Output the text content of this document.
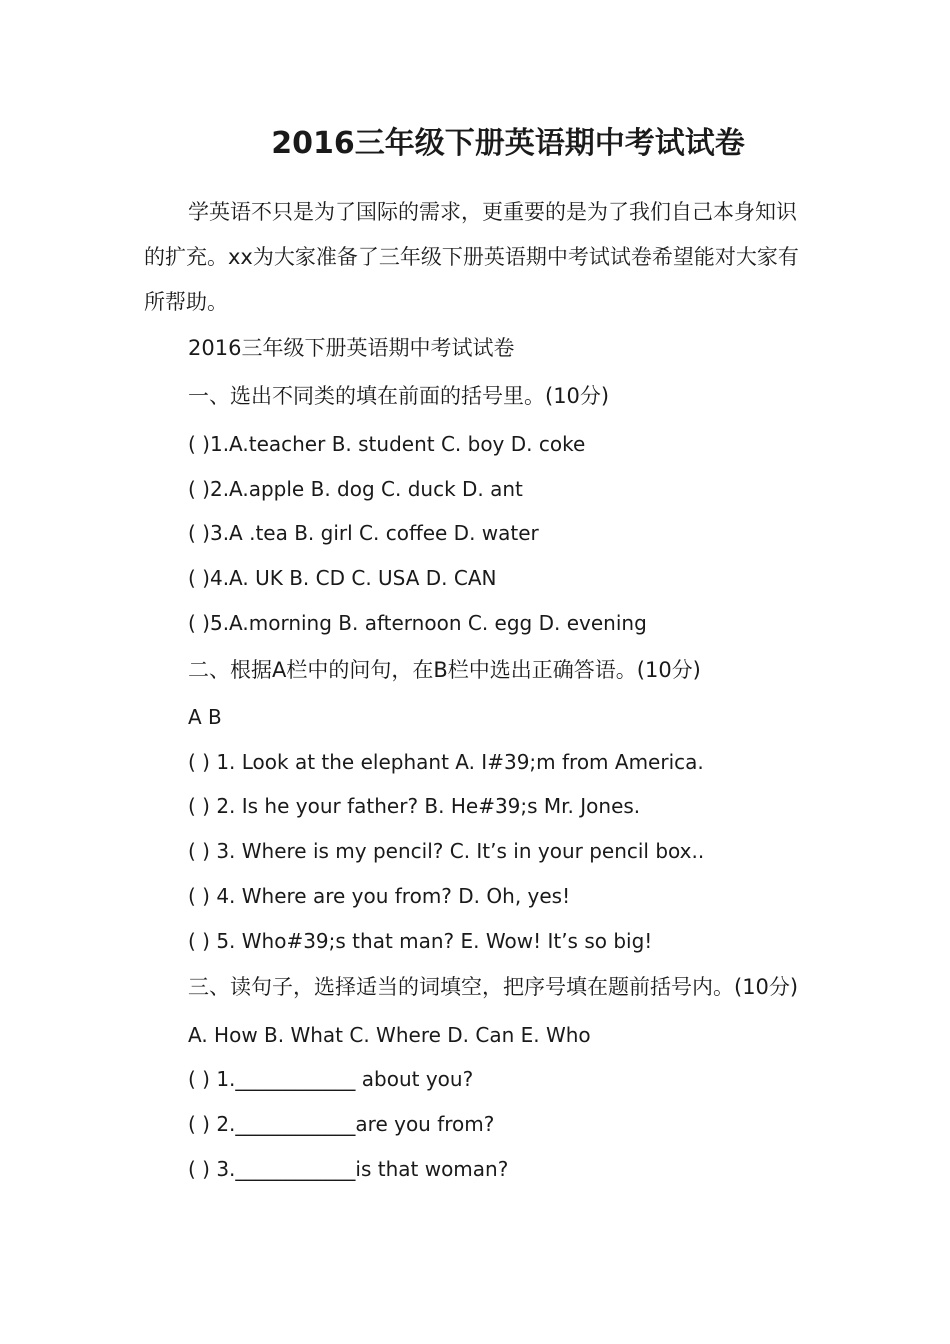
2016三年级下册英语期中考试试卷

学英语不只是为了国际的需求，更重要的是为了我们自己本身知识的扩充。xx为大家准备了三年级下册英语期中考试试卷希望能对大家有所帮助。

2016三年级下册英语期中考试试卷

一、选出不同类的填在前面的括号里。(10分)

( )1.A.teacher B. student C. boy D. coke

( )2.A.apple B. dog C. duck D. ant

( )3.A .tea B. girl C. coffee D. water

( )4.A. UK B. CD C. USA D. CAN

( )5.A.morning B. afternoon C. egg D. evening

二、根据A栏中的问句，在B栏中选出正确答语。(10分)

A B

( ) 1. Look at the elephant A. I#39;m from America.

( ) 2. Is he your father? B. He#39;s Mr. Jones.

( ) 3. Where is my pencil? C. It’s in your pencil box..

( ) 4. Where are you from? D. Oh, yes!

( ) 5. Who#39;s that man? E. Wow! It’s so big!

三、读句子，选择适当的词填空，把序号填在题前括号内。(10分)

A. How B. What C. Where D. Can E. Who

( ) 1.____________ about you?

( ) 2.____________are you from?

( ) 3.____________is that woman?
